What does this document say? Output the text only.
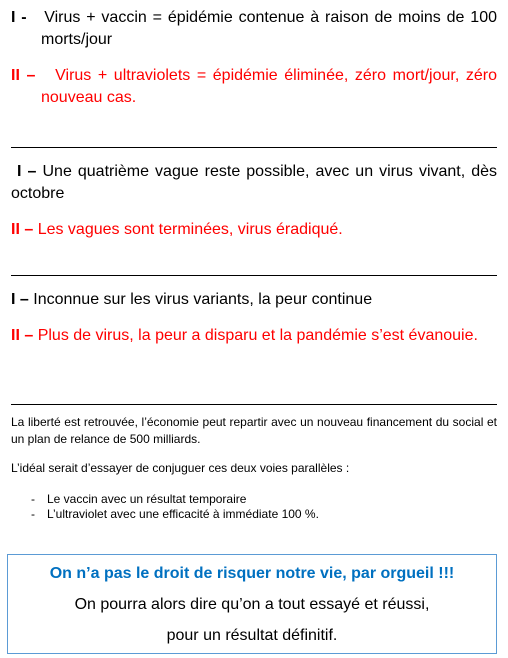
I - Virus + vaccin = épidémie contenue à raison de moins de 100 morts/jour

II – Virus + ultraviolets = épidémie éliminée, zéro mort/jour, zéro nouveau cas.

I – Une quatrième vague reste possible, avec un virus vivant, dès octobre

II – Les vagues sont terminées, virus éradiqué.

I – Inconnue sur les virus variants, la peur continue

II – Plus de virus, la peur a disparu et la pandémie s’est évanouie.

La liberté est retrouvée, l’économie peut repartir avec un nouveau financement du social et un plan de relance de 500 milliards.

L’idéal serait d’essayer de conjuguer ces deux voies parallèles :

- Le vaccin avec un résultat temporaire
- L’ultraviolet avec une efficacité à immédiate 100 %.

On n’a pas le droit de risquer notre vie, par orgueil !!!

On pourra alors dire qu’on a tout essayé et réussi,

pour un résultat définitif.
